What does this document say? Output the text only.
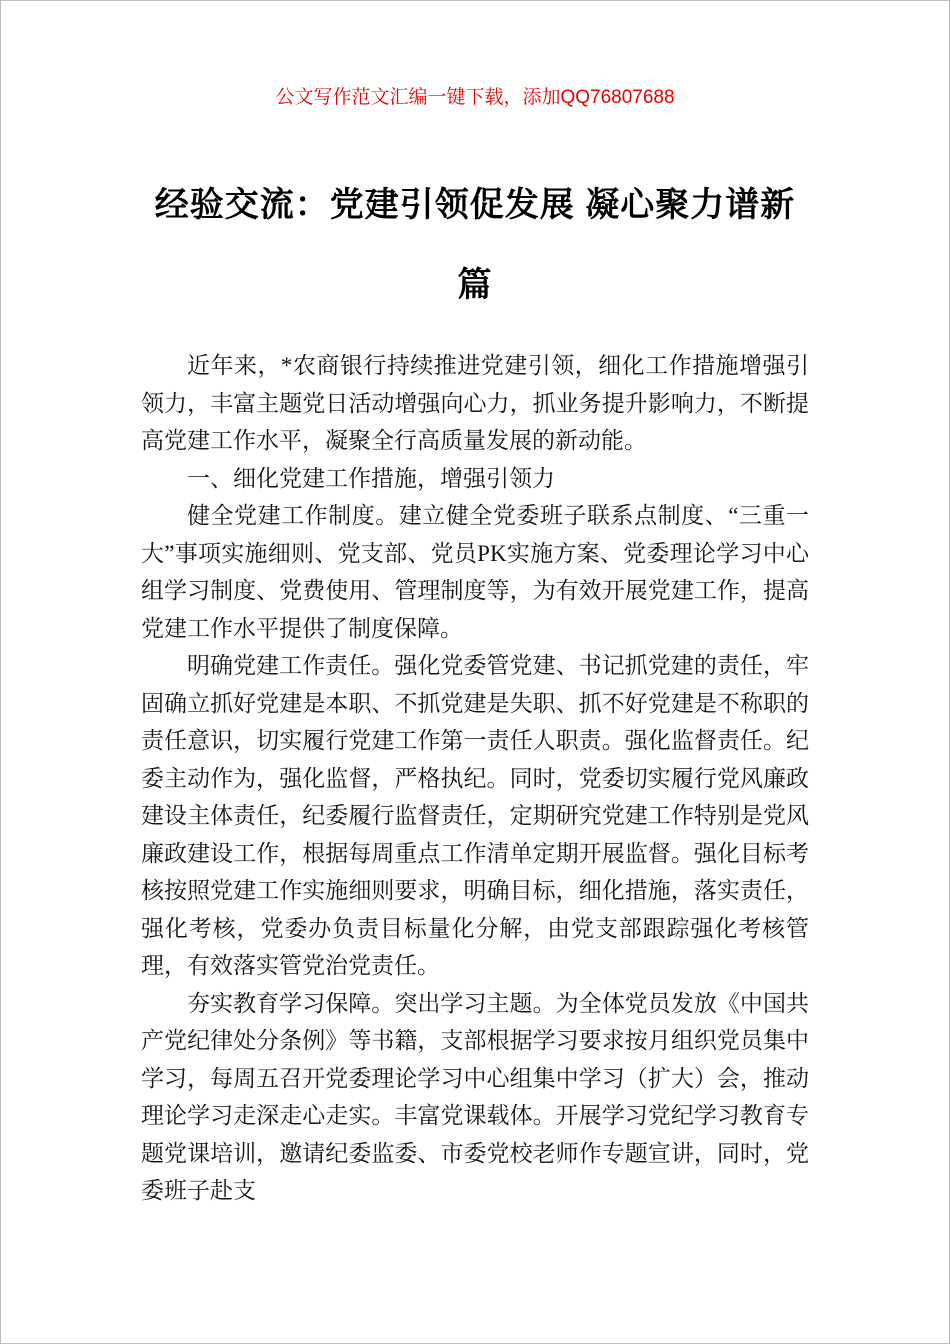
公文写作范文汇编一键下载，添加QQ76807688
经验交流：党建引领促发展 凝心聚力谱新
篇

近年来，*农商银行持续推进党建引领，细化工作措施增强引领力，丰富主题党日活动增强向心力，抓业务提升影响力，不断提高党建工作水平，凝聚全行高质量发展的新动能。

一、细化党建工作措施，增强引领力

健全党建工作制度。建立健全党委班子联系点制度、“三重一大”事项实施细则、党支部、党员PK实施方案、党委理论学习中心组学习制度、党费使用、管理制度等，为有效开展党建工作，提高党建工作水平提供了制度保障。

明确党建工作责任。强化党委管党建、书记抓党建的责任，牢固确立抓好党建是本职、不抓党建是失职、抓不好党建是不称职的责任意识，切实履行党建工作第一责任人职责。强化监督责任。纪委主动作为，强化监督，严格执纪。同时，党委切实履行党风廉政建设主体责任，纪委履行监督责任，定期研究党建工作特别是党风廉政建设工作，根据每周重点工作清单定期开展监督。强化目标考核按照党建工作实施细则要求，明确目标，细化措施，落实责任，强化考核，党委办负责目标量化分解，由党支部跟踪强化考核管理，有效落实管党治党责任。

夯实教育学习保障。突出学习主题。为全体党员发放《中国共产党纪律处分条例》等书籍，支部根据学习要求按月组织党员集中学习，每周五召开党委理论学习中心组集中学习（扩大）会，推动理论学习走深走心走实。丰富党课载体。开展学习党纪学习教育专题党课培训，邀请纪委监委、市委党校老师作专题宣讲，同时，党委班子赴支
